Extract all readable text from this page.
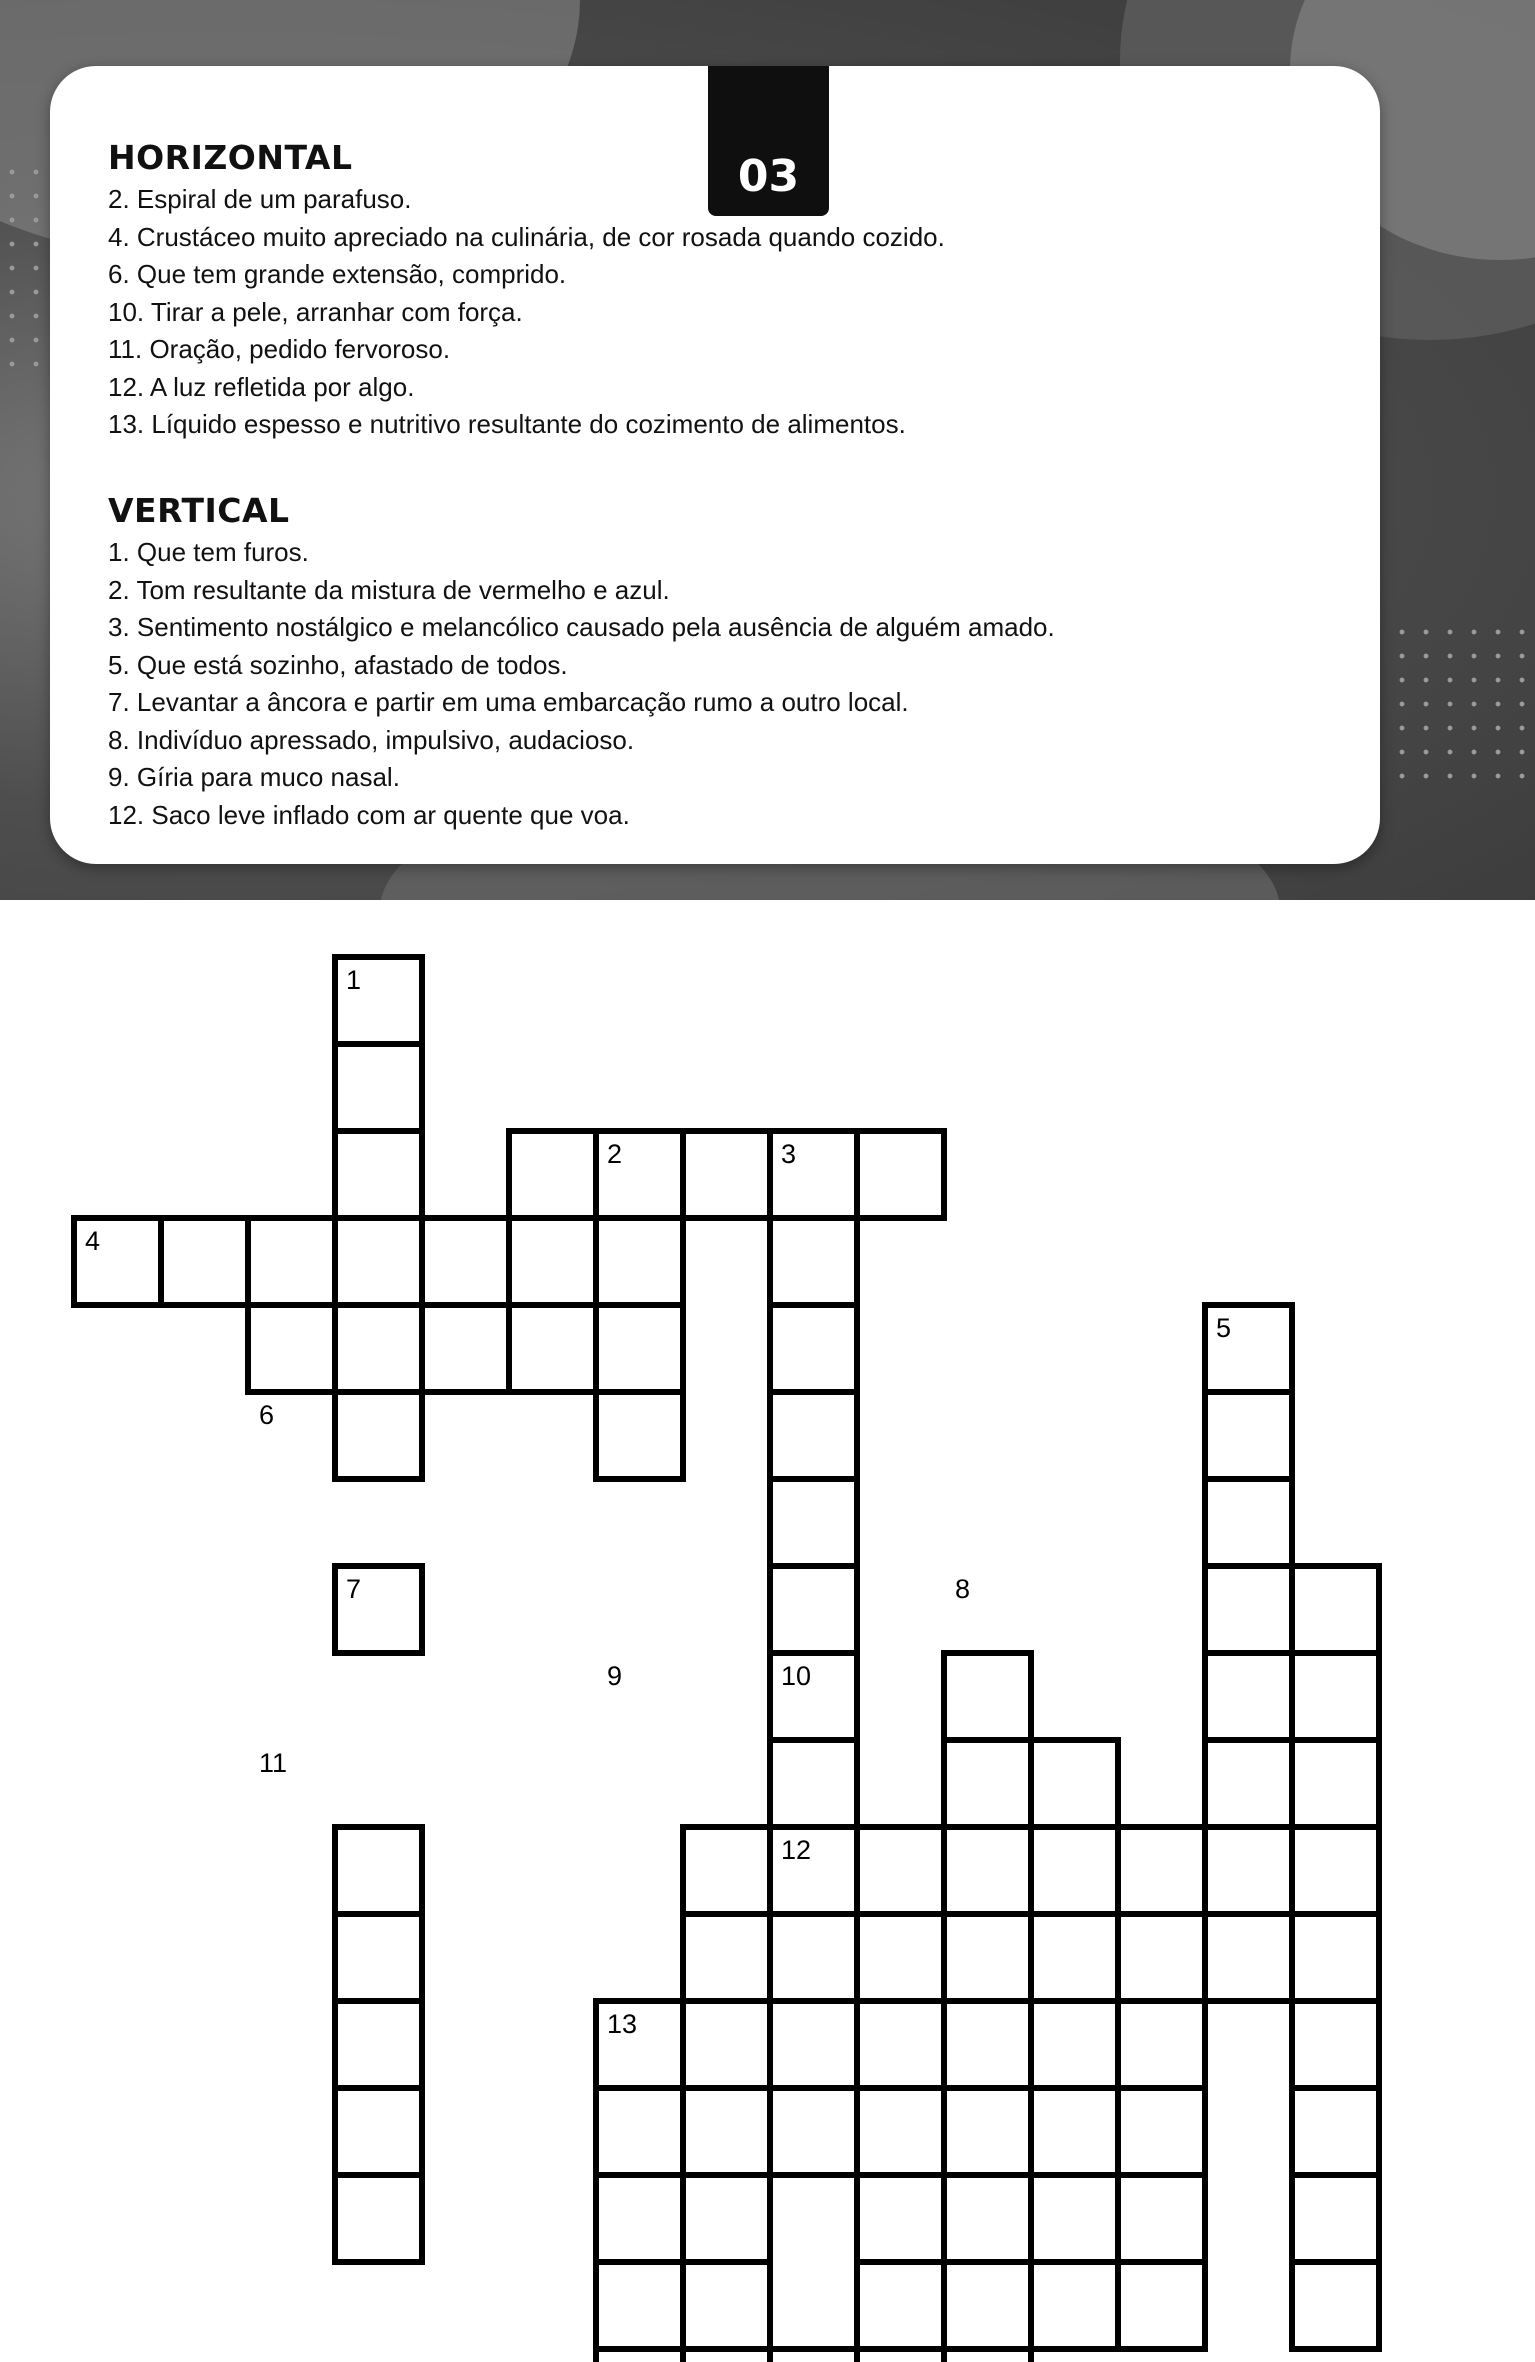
03
HORIZONTAL
2. Espiral de um parafuso.
4. Crustáceo muito apreciado na culinária, de cor rosada quando cozido.
6. Que tem grande extensão, comprido.
10. Tirar a pele, arranhar com força.
11. Oração, pedido fervoroso.
12. A luz refletida por algo.
13. Líquido espesso e nutritivo resultante do cozimento de alimentos.
VERTICAL
1. Que tem furos.
2. Tom resultante da mistura de vermelho e azul.
3. Sentimento nostálgico e melancólico causado pela ausência de alguém amado.
5. Que está sozinho, afastado de todos.
7. Levantar a âncora e partir em uma embarcação rumo a outro local.
8. Indivíduo apressado, impulsivo, audacioso.
9. Gíria para muco nasal.
12. Saco leve inflado com ar quente que voa.
1
2	3
4
5
6
7	8
9	10
11
12
13
